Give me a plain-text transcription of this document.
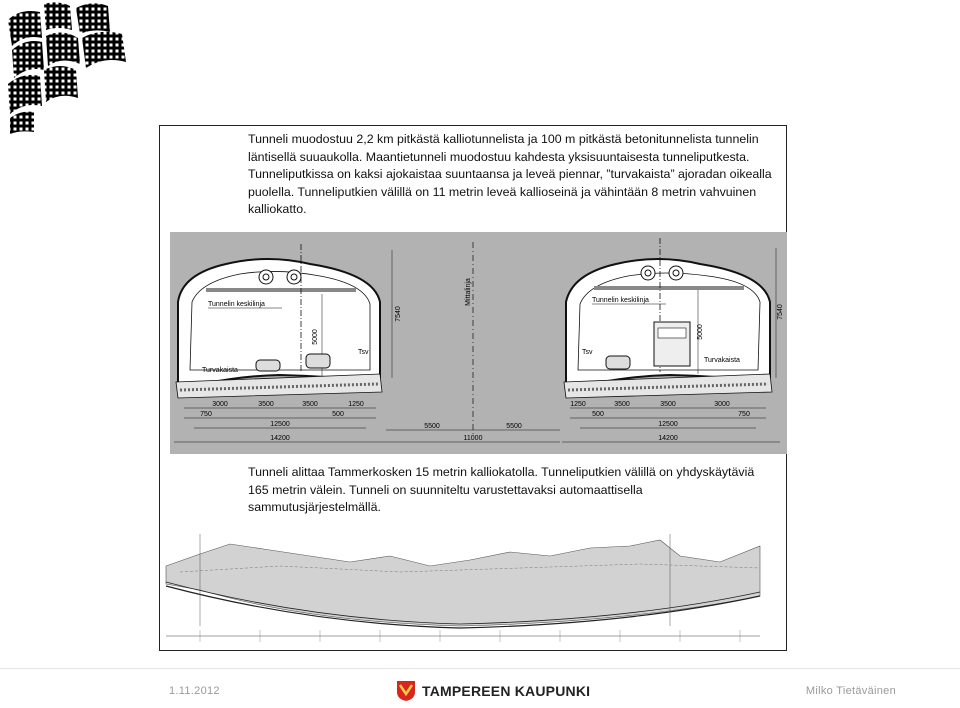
Tunneli muodostuu 2,2 km pitkästä kalliotunnelista ja 100 m pitkästä betonitunnelista tunnelin läntisellä suuaukolla. Maantietunneli muodostuu kahdesta yksisuuntaisesta tunneliputkesta. Tunneliputkissa on kaksi ajokaistaa suuntaansa ja leveä piennar, ”turvakaista” ajoradan oikealla puolella. Tunneliputkien välillä on 11 metrin leveä kallioseinä ja vähintään 8 metrin vahvuinen kalliokatto.

Mittalinja
Tunnelin keskilinja
5000
7540
Turvakaista
Tsv
3000	3500	3500	1250
750	500
12500
14200
5500	5500
11000
Tunnelin keskilinja
5000
7540
Tsv
Turvakaista
1250	3500	3500	3000
500	750
12500
14200

Tunneli alittaa Tammerkosken 15 metrin kalliokatolla. Tunneliputkien välillä on yhdyskäytäviä 165 metrin välein. Tunneli on suunniteltu varustettavaksi automaattisella sammutusjärjestelmällä.

1.11.2012	TAMPEREEN KAUPUNKI	Milko Tietäväinen
